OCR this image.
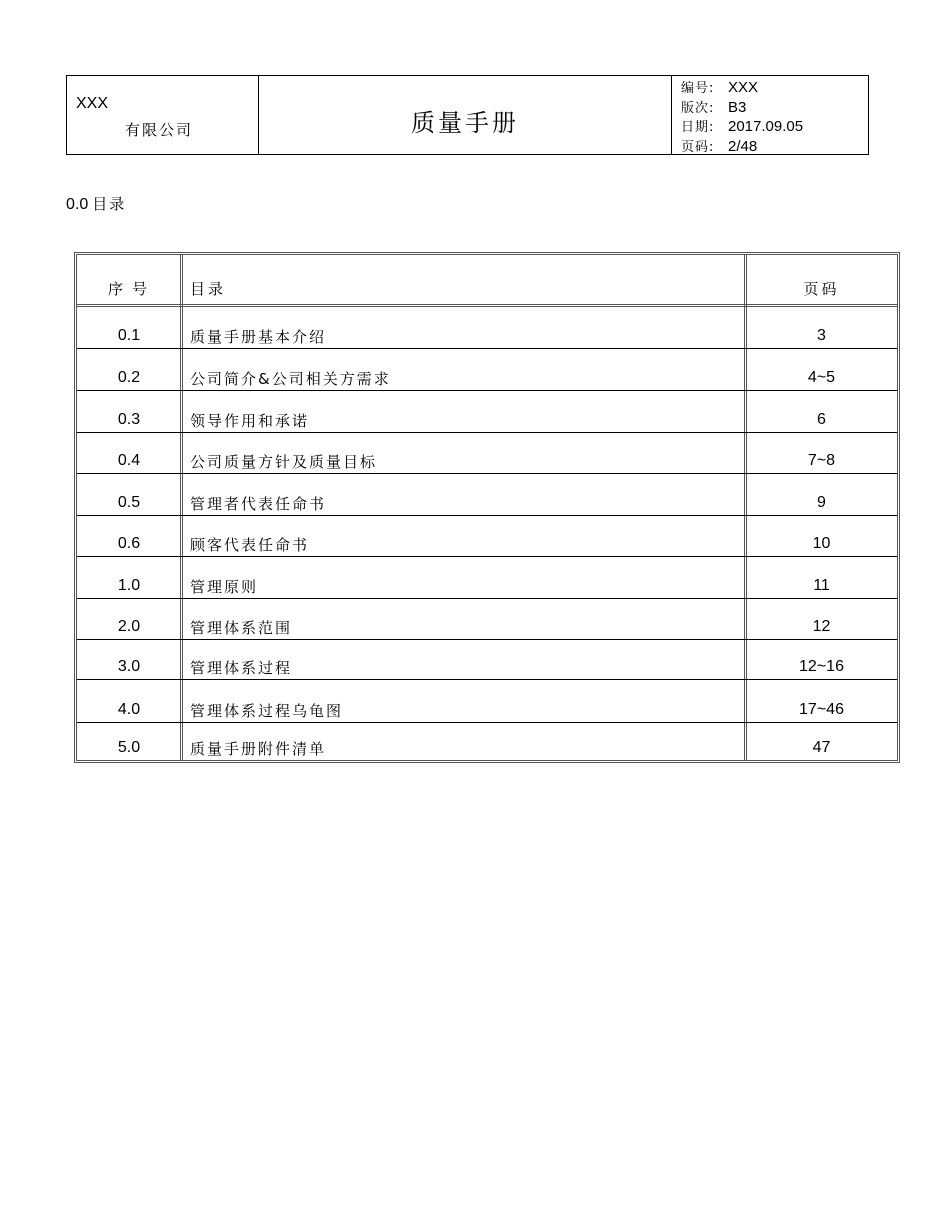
XXX
有限公司	质量手册
编号: XXX
版次: B3
日期: 2017.09.05
页码: 2/48
0.0 目录
序号	目录	页码
0.1	质量手册基本介绍	3
0.2	公司简介&公司相关方需求	4~5
0.3	领导作用和承诺	6
0.4	公司质量方针及质量目标	7~8
0.5	管理者代表任命书	9
0.6	顾客代表任命书	10
1.0	管理原则	11
2.0	管理体系范围	12
3.0	管理体系过程	12~16
4.0	管理体系过程乌龟图	17~46
5.0	质量手册附件清单	47
